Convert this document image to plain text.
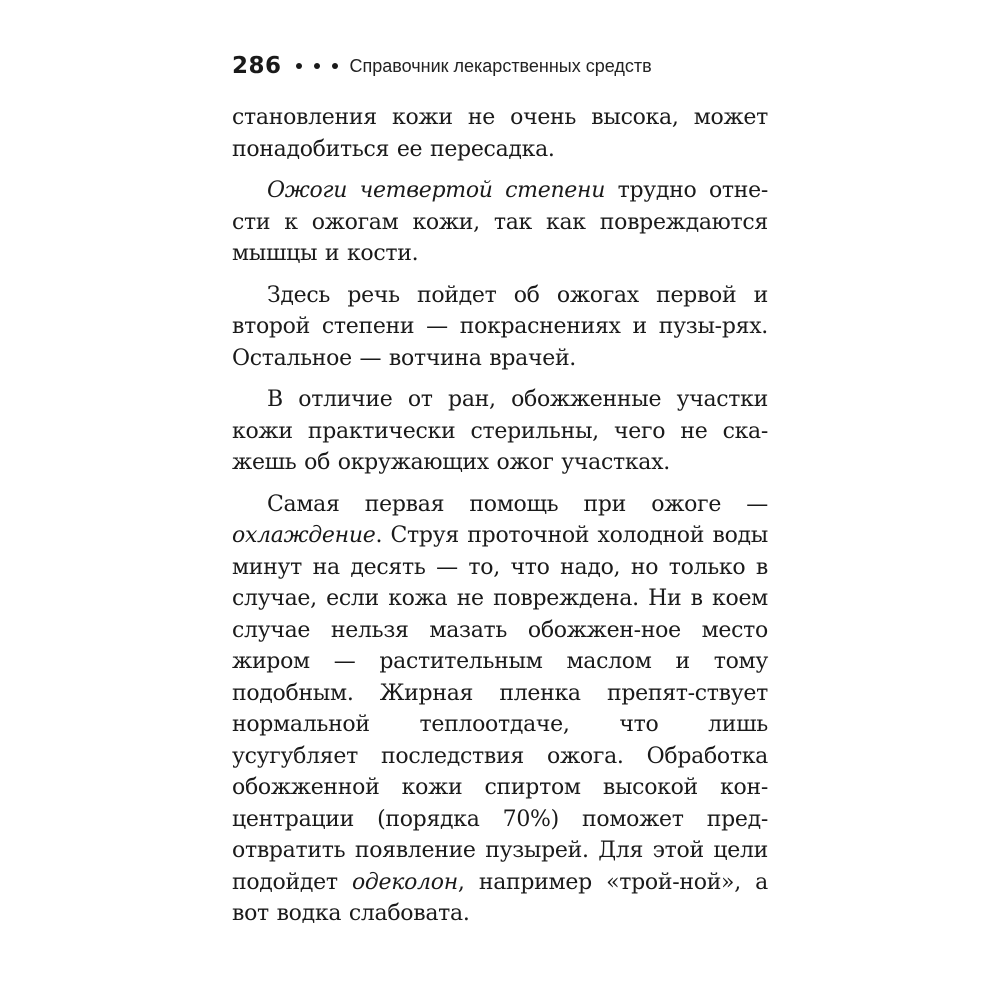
286	Справочник лекарственных средств

становления кожи не очень высока, может понадобиться ее пересадка.

Ожоги четвертой степени трудно отне-сти к ожогам кожи, так как повреждаются мышцы и кости.

Здесь речь пойдет об ожогах первой и второй степени — покраснениях и пузы-рях. Остальное — вотчина врачей.

В отличие от ран, обожженные участки кожи практически стерильны, чего не ска-жешь об окружающих ожог участках.

Самая первая помощь при ожоге — охлаждение. Струя проточной холодной воды минут на десять — то, что надо, но только в случае, если кожа не повреждена. Ни в коем случае нельзя мазать обожжен-ное место жиром — растительным маслом и тому подобным. Жирная пленка препят-ствует нормальной теплоотдаче, что лишь усугубляет последствия ожога. Обработка обожженной кожи спиртом высокой кон-центрации (порядка 70%) поможет пред-отвратить появление пузырей. Для этой цели подойдет одеколон, например «трой-ной», а вот водка слабовата.
